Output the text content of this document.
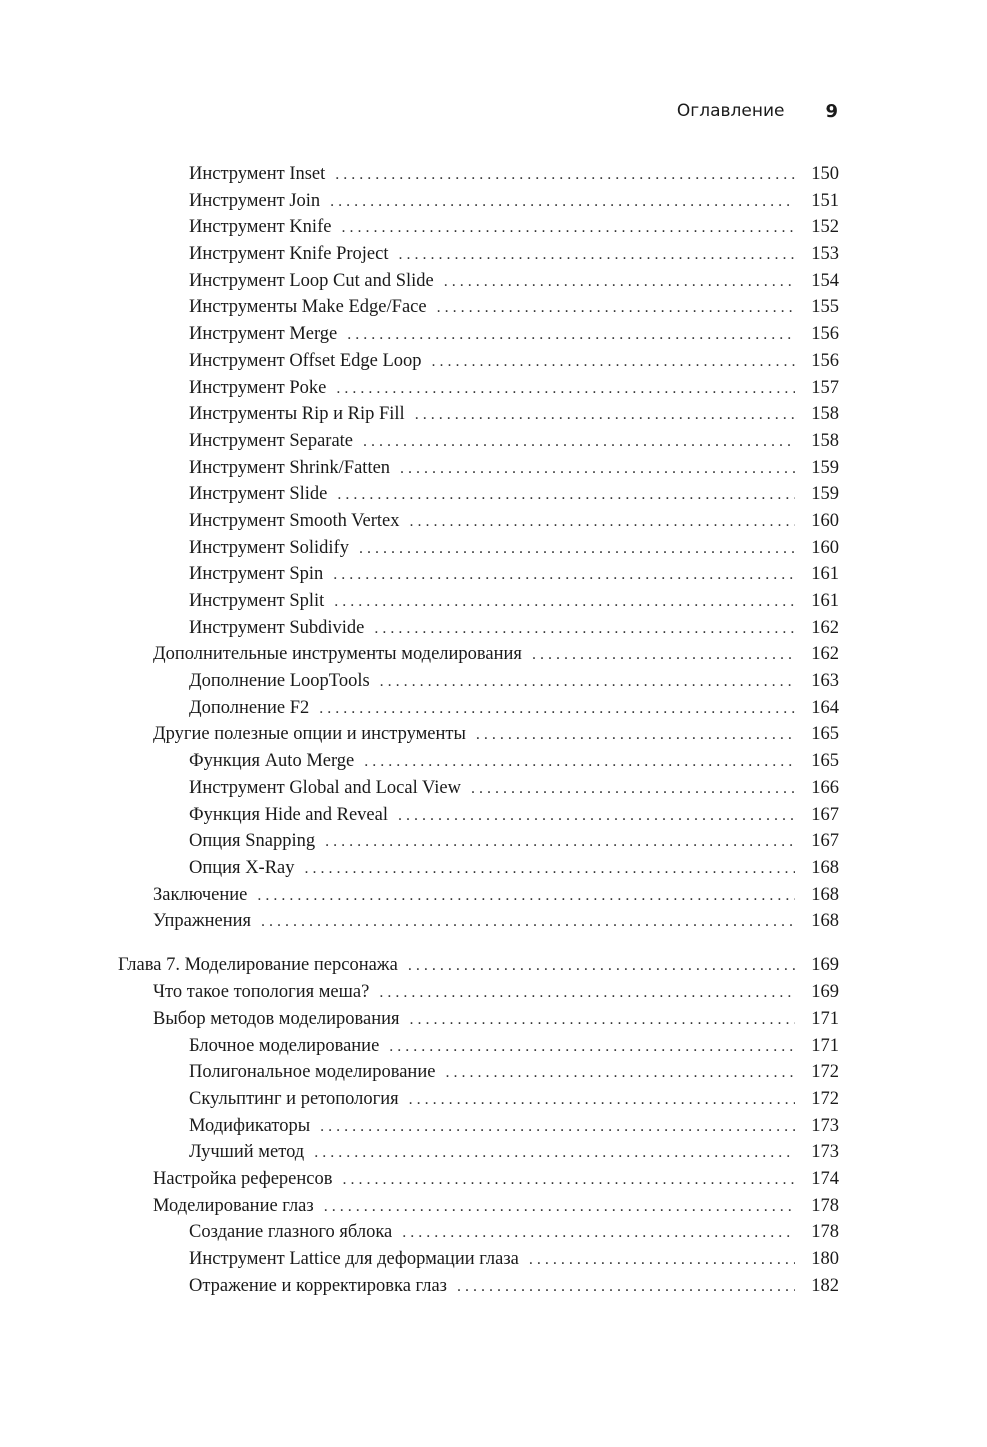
Оглавление 9
Инструмент Inset . . .	150
Инструмент Join . . .	151
Инструмент Knife . . .	152
Инструмент Knife Project . . .	153
Инструмент Loop Cut and Slide . . .	154
Инструменты Make Edge/Face . . .	155
Инструмент Merge . . .	156
Инструмент Offset Edge Loop . . .	156
Инструмент Poke . . .	157
Инструменты Rip и Rip Fill . . .	158
Инструмент Separate . . .	158
Инструмент Shrink/Fatten . . .	159
Инструмент Slide . . .	159
Инструмент Smooth Vertex . . .	160
Инструмент Solidify . . .	160
Инструмент Spin . . .	161
Инструмент Split . . .	161
Инструмент Subdivide . . .	162
Дополнительные инструменты моделирования . . .	162
Дополнение LoopTools . . .	163
Дополнение F2 . . .	164
Другие полезные опции и инструменты . . .	165
Функция Auto Merge . . .	165
Инструмент Global and Local View . . .	166
Функция Hide and Reveal . . .	167
Опция Snapping . . .	167
Опция X-Ray . . .	168
Заключение . . .	168
Упражнения . . .	168
Глава 7. Моделирование персонажа . . .	169
Что такое топология меша? . . .	169
Выбор методов моделирования . . .	171
Блочное моделирование . . .	171
Полигональное моделирование . . .	172
Скульптинг и ретопология . . .	172
Модификаторы . . .	173
Лучший метод . . .	173
Настройка референсов . . .	174
Моделирование глаз . . .	178
Создание глазного яблока . . .	178
Инструмент Lattice для деформации глаза . . .	180
Отражение и корректировка глаз . . .	182
